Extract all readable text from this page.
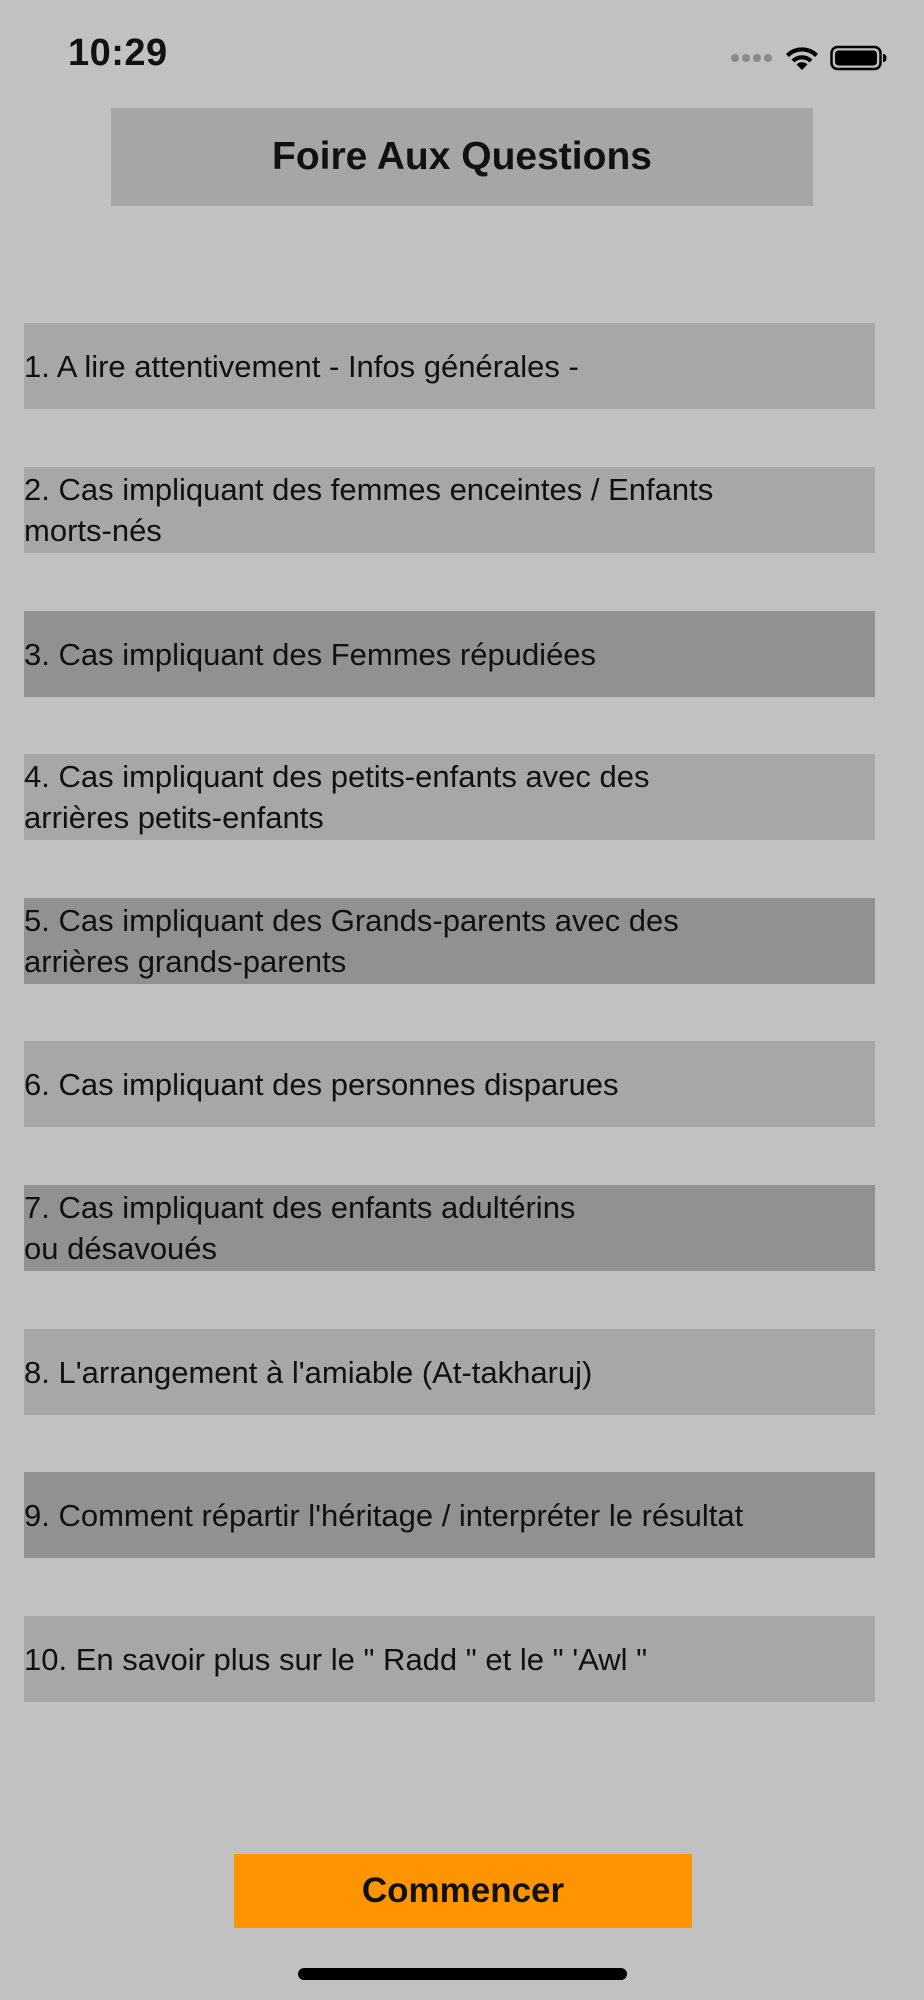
10:29
Foire Aux Questions
1. A lire attentivement - Infos générales -
2. Cas impliquant des femmes enceintes / Enfants
morts-nés
3. Cas impliquant des Femmes répudiées
4. Cas impliquant des petits-enfants avec des
arrières petits-enfants
5. Cas impliquant des Grands-parents avec des
arrières grands-parents
6. Cas impliquant des personnes disparues
7. Cas impliquant des enfants adultérins
ou désavoués
8. L'arrangement à l'amiable (At-takharuj)
9. Comment répartir l'héritage / interpréter le résultat
10. En savoir plus sur le " Radd " et le " 'Awl "
Commencer
